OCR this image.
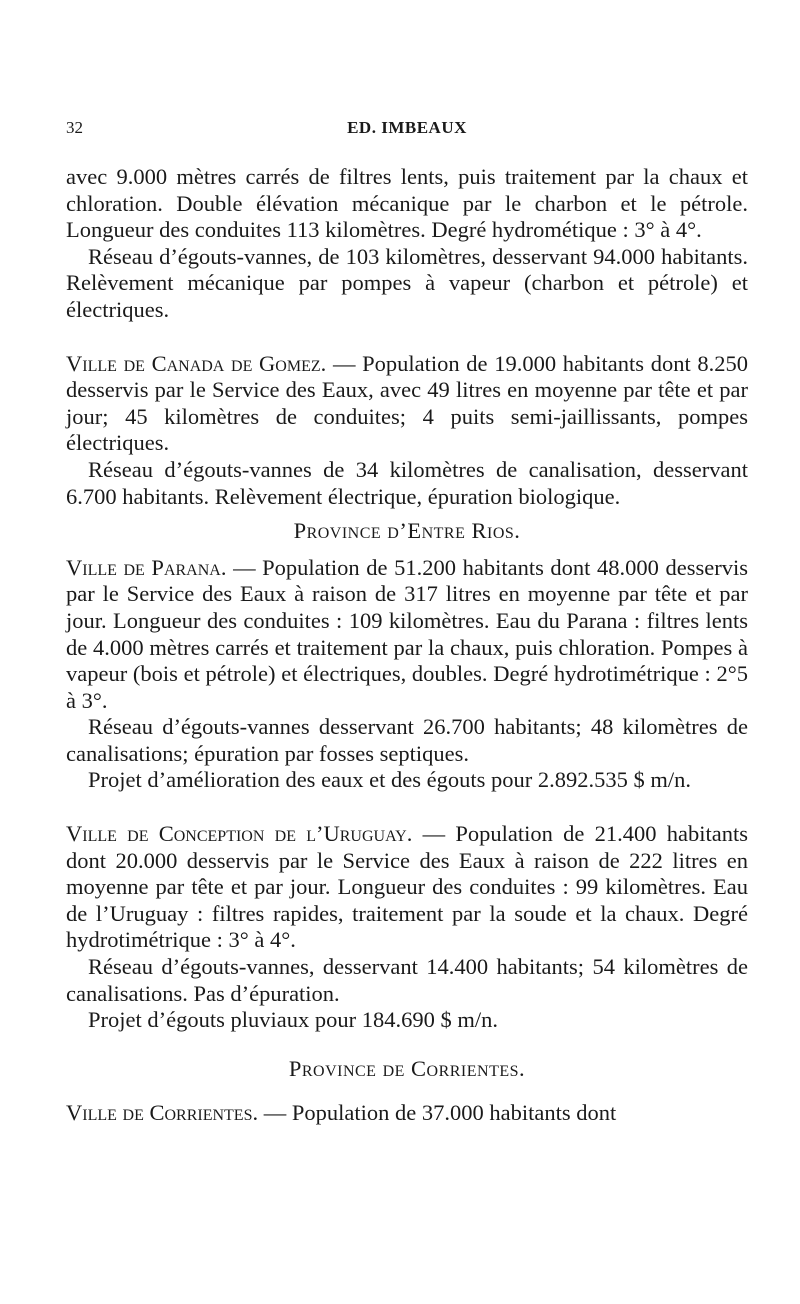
32	ED. IMBEAUX

avec 9.000 mètres carrés de filtres lents, puis traitement par la chaux et chloration. Double élévation mécanique par le charbon et le pétrole. Longueur des conduites 113 kilomètres. Degré hydrométique : 3° à 4°.

Réseau d’égouts-vannes, de 103 kilomètres, desservant 94.000 habitants. Relèvement mécanique par pompes à vapeur (charbon et pétrole) et électriques.

Ville de Canada de Gomez. — Population de 19.000 habitants dont 8.250 desservis par le Service des Eaux, avec 49 litres en moyenne par tête et par jour; 45 kilomètres de conduites; 4 puits semi-jaillissants, pompes électriques.

Réseau d’égouts-vannes de 34 kilomètres de canalisation, desservant 6.700 habitants. Relèvement électrique, épuration biologique.

Province d’Entre Rios.

Ville de Parana. — Population de 51.200 habitants dont 48.000 desservis par le Service des Eaux à raison de 317 litres en moyenne par tête et par jour. Longueur des conduites : 109 kilomètres. Eau du Parana : filtres lents de 4.000 mètres carrés et traitement par la chaux, puis chloration. Pompes à vapeur (bois et pétrole) et électriques, doubles. Degré hydrotimétrique : 2°5 à 3°.

Réseau d’égouts-vannes desservant 26.700 habitants; 48 kilomètres de canalisations; épuration par fosses septiques.

Projet d’amélioration des eaux et des égouts pour 2.892.535 $ m/n.

Ville de Conception de l’Uruguay. — Population de 21.400 habitants dont 20.000 desservis par le Service des Eaux à raison de 222 litres en moyenne par tête et par jour. Longueur des conduites : 99 kilomètres. Eau de l’Uruguay : filtres rapides, traitement par la soude et la chaux. Degré hydrotimétrique : 3° à 4°.

Réseau d’égouts-vannes, desservant 14.400 habitants; 54 kilomètres de canalisations. Pas d’épuration.

Projet d’égouts pluviaux pour 184.690 $ m/n.

Province de Corrientes.

Ville de Corrientes. — Population de 37.000 habitants dont
